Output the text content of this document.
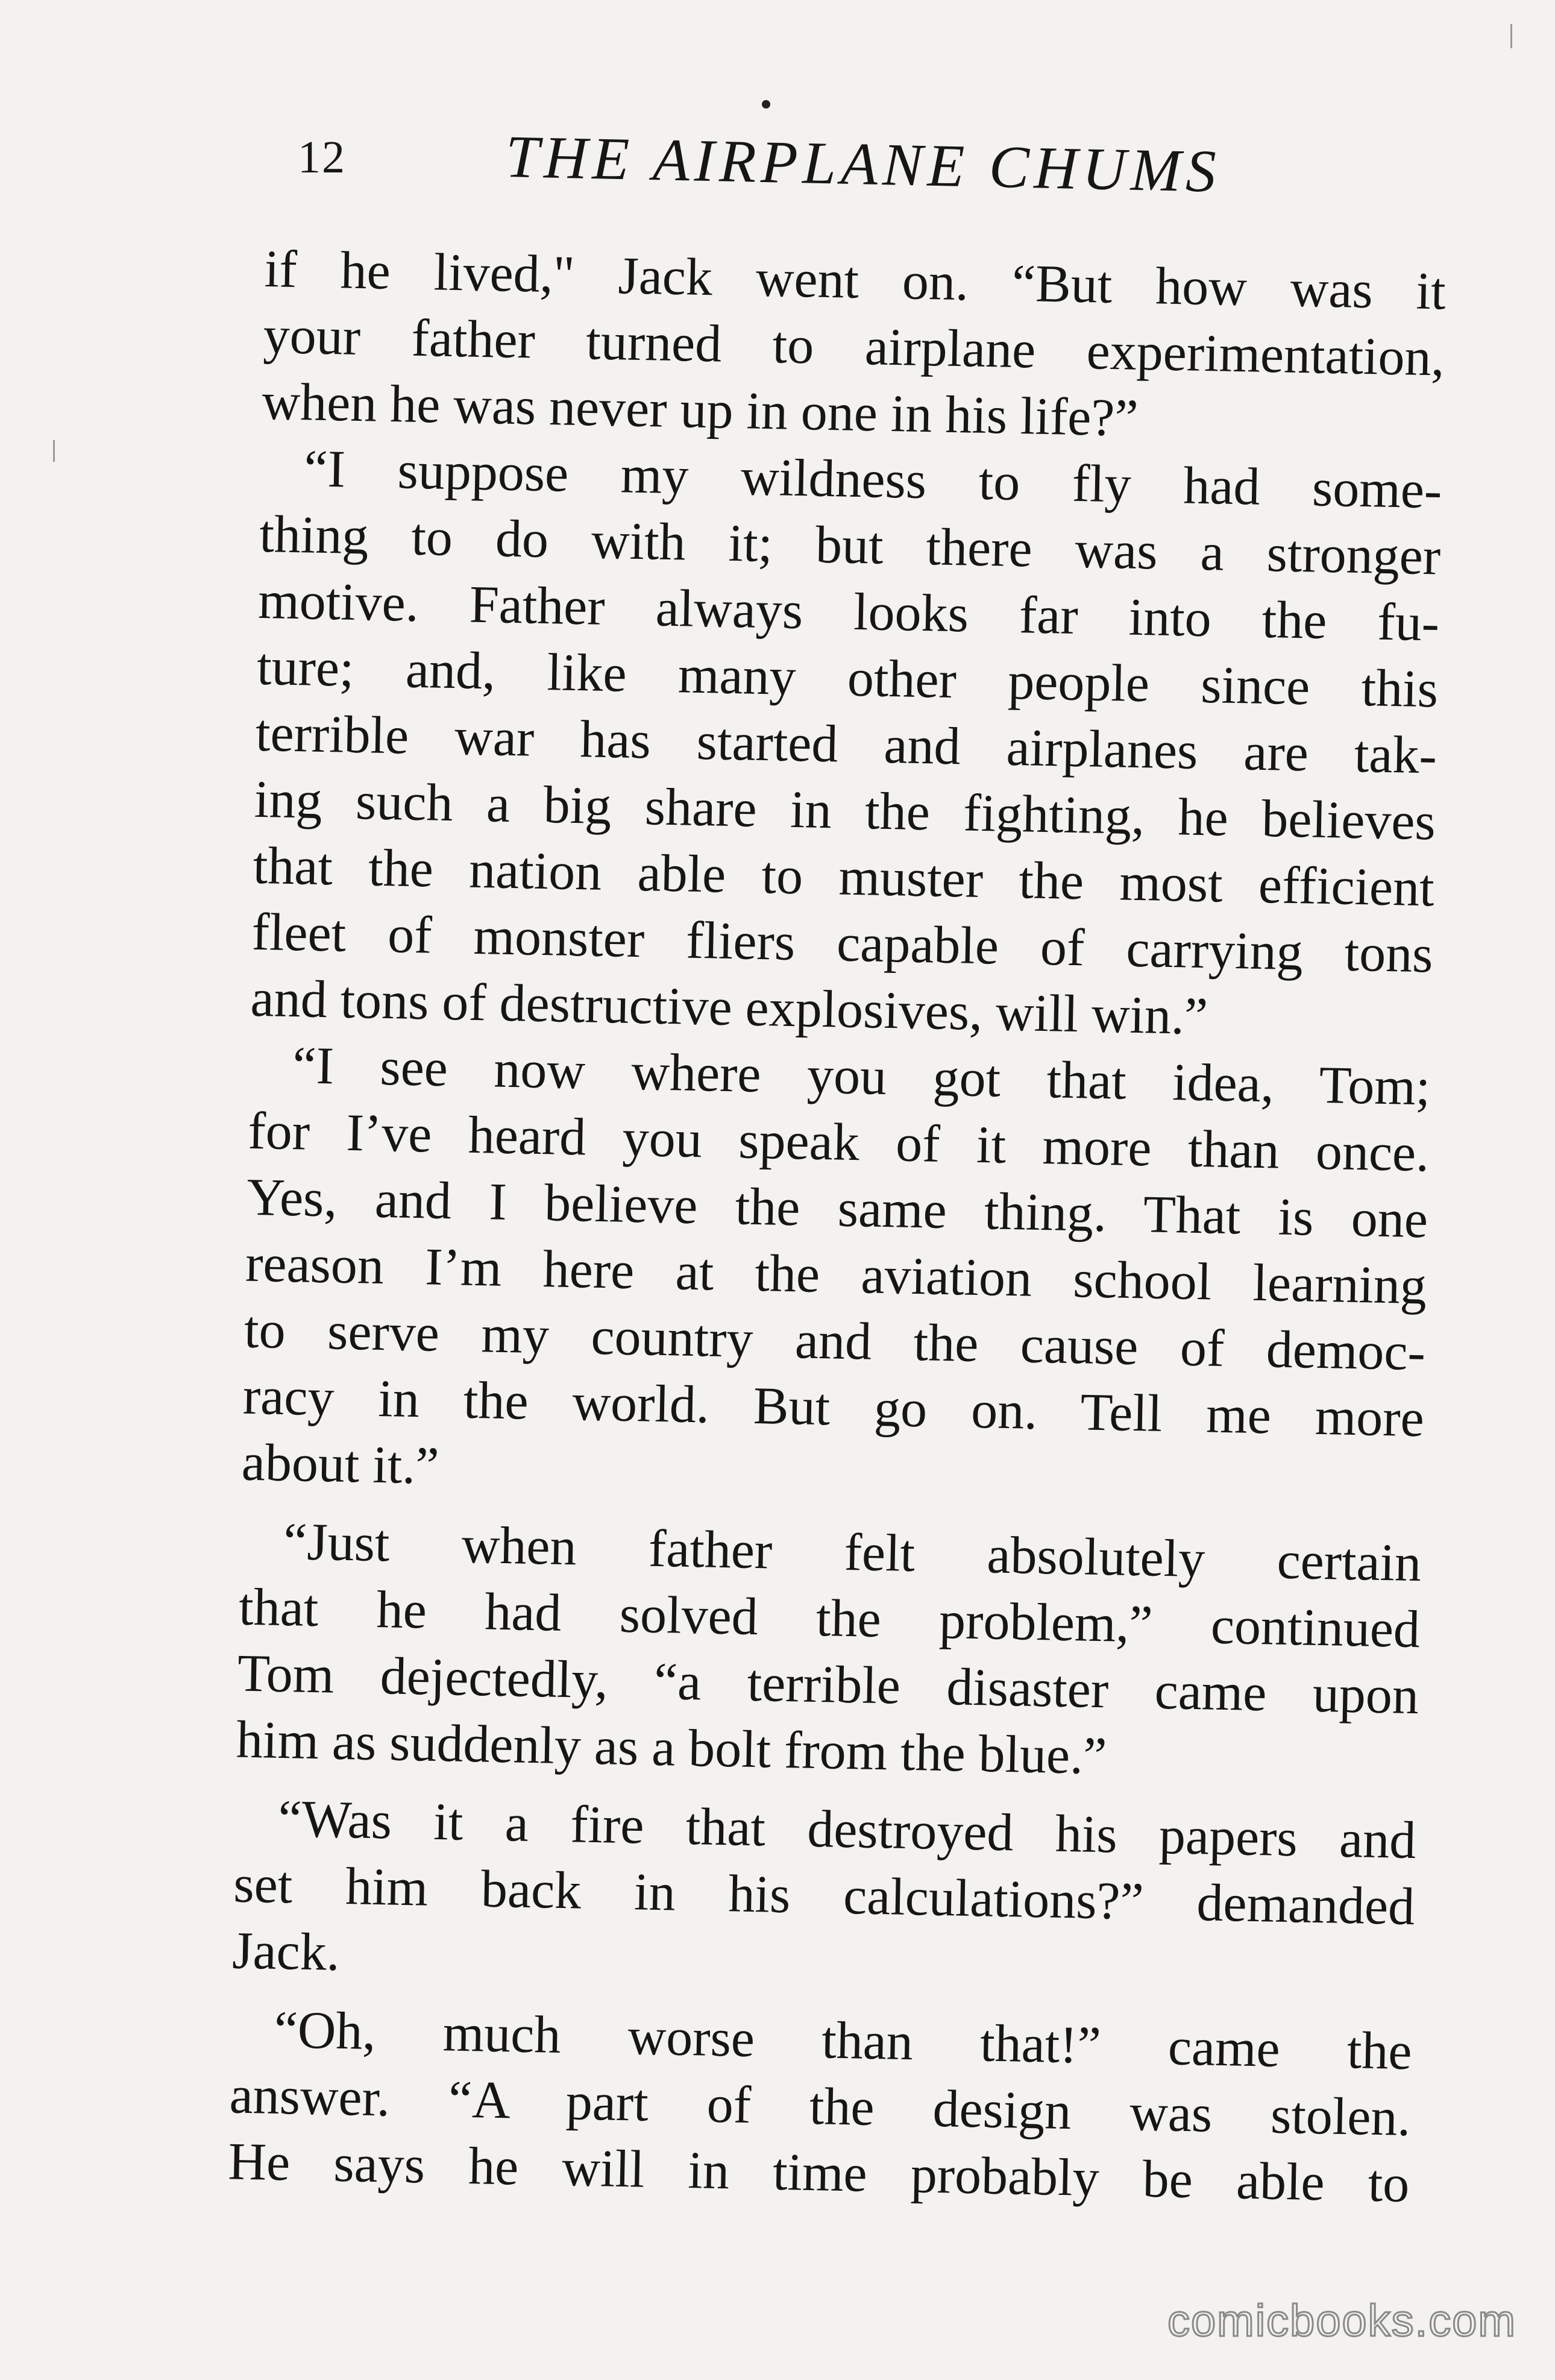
12	THE AIRPLANE CHUMS
if he lived," Jack went on. “But how was it
your father turned to airplane experimentation,
when he was never up in one in his life?”
“I suppose my wildness to fly had some-
thing to do with it; but there was a stronger
motive. Father always looks far into the fu-
ture; and, like many other people since this
terrible war has started and airplanes are tak-
ing such a big share in the fighting, he believes
that the nation able to muster the most efficient
fleet of monster fliers capable of carrying tons
and tons of destructive explosives, will win.”
“I see now where you got that idea, Tom;
for I’ve heard you speak of it more than once.
Yes, and I believe the same thing. That is one
reason I’m here at the aviation school learning
to serve my country and the cause of democ-
racy in the world. But go on. Tell me more
about it.”
“Just when father felt absolutely certain
that he had solved the problem,” continued
Tom dejectedly, “a terrible disaster came upon
him as suddenly as a bolt from the blue.”
“Was it a fire that destroyed his papers and
set him back in his calculations?” demanded
Jack.
“Oh, much worse than that!” came the
answer. “A part of the design was stolen.
He says he will in time probably be able to
comicbooks.com
